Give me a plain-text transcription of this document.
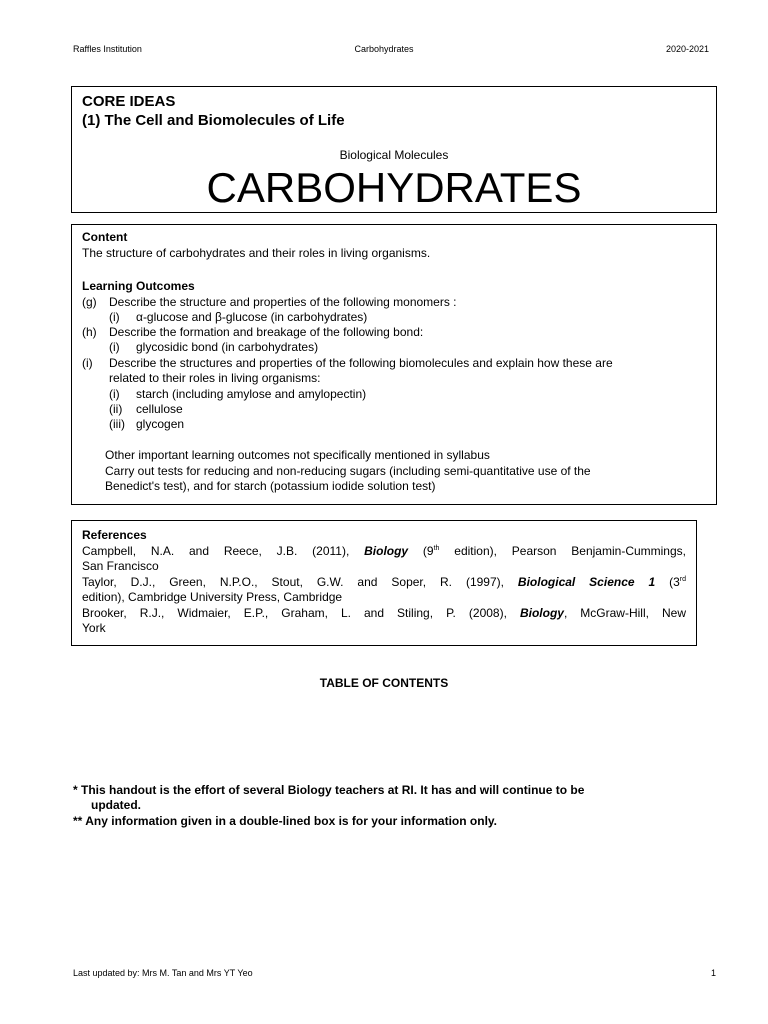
Raffles Institution	Carbohydrates	2020-2021
CORE IDEAS
(1) The Cell and Biomolecules of Life
Biological Molecules
CARBOHYDRATES
Content
The structure of carbohydrates and their roles in living organisms.
Learning Outcomes
(g) Describe the structure and properties of the following monomers :
(i) α-glucose and β-glucose (in carbohydrates)
(h) Describe the formation and breakage of the following bond:
(i) glycosidic bond (in carbohydrates)
(i) Describe the structures and properties of the following biomolecules and explain how these are
related to their roles in living organisms:
(i) starch (including amylose and amylopectin)
(ii) cellulose
(iii) glycogen
Other important learning outcomes not specifically mentioned in syllabus
Carry out tests for reducing and non-reducing sugars (including semi-quantitative use of the
Benedict's test), and for starch (potassium iodide solution test)
References
Campbell, N.A. and Reece, J.B. (2011), Biology (9th edition), Pearson Benjamin-Cummings,
San Francisco
Taylor, D.J., Green, N.P.O., Stout, G.W. and Soper, R. (1997), Biological Science 1 (3rd
edition), Cambridge University Press, Cambridge
Brooker, R.J., Widmaier, E.P., Graham, L. and Stiling, P. (2008), Biology, McGraw-Hill, New
York
TABLE OF CONTENTS
* This handout is the effort of several Biology teachers at RI. It has and will continue to be
updated.
** Any information given in a double-lined box is for your information only.
Last updated by: Mrs M. Tan and Mrs YT Yeo	1
